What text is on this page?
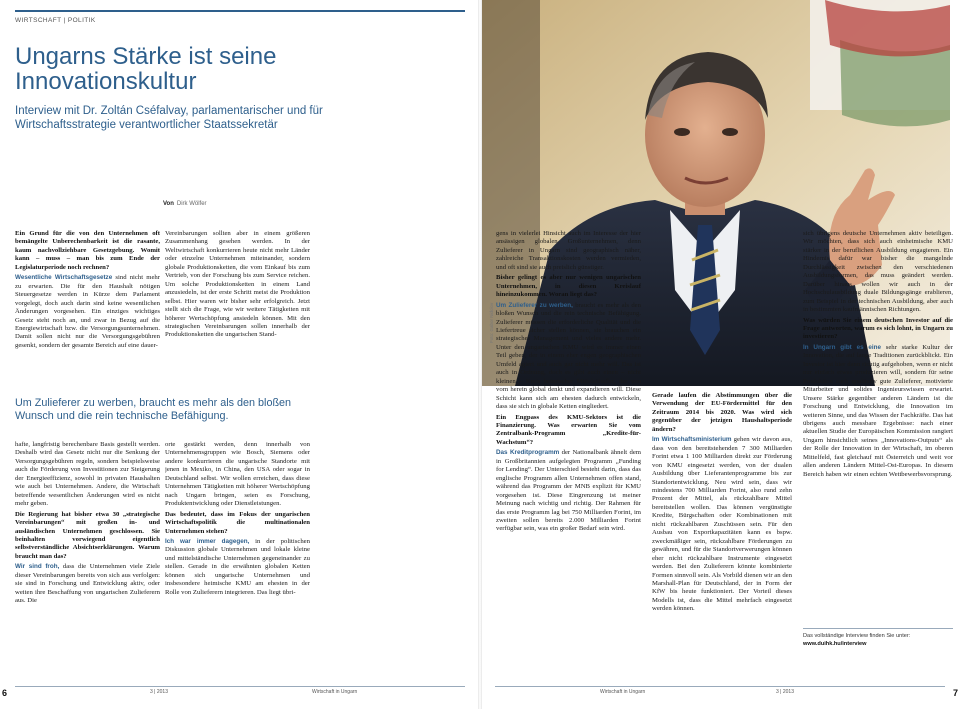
WIRTSCHAFT | POLITIK
Ungarns Stärke ist seine Innovationskultur
Interview mit Dr. Zoltán Cséfalvay, parlamentarischer und für Wirtschaftsstrategie verantwortlicher Staatssekretär
Von Dirk Wölfer

Ein Grund für die von den Unternehmen oft bemängelte Unberechenbarkeit ist die rasante, kaum nachvollziehbare Gesetzgebung. Womit kann – muss – man bis zum Ende der Legislaturperiode noch rechnen?

Wesentliche Wirtschaftsgesetze sind nicht mehr zu erwarten. Die für den Haushalt nötigen Steuergesetze werden in Kürze dem Parlament vorgelegt, doch auch darin sind keine wesentlichen Änderungen vorgesehen. Ein einziges wichtiges Gesetz steht noch an, und zwar in Bezug auf die Energiewirtschaft bzw. die Versorgungsunternehmen. Damit sollen nicht nur die Versorgungsgebühren gesenkt, sondern der gesamte Bereich auf eine dauer-

Vereinbarungen sollten aber in einem größeren Zusammenhang gesehen werden. In der Weltwirtschaft konkurrieren heute nicht mehr Länder oder einzelne Unternehmen miteinander, sondern globale Produktionsketten, die vom Einkauf bis zum Vertrieb, von der Forschung bis zum Service reichen. Um solche Produktionsketten in einem Land anzusiedeln, ist der erste Schritt meist die Produktion selbst. Hier waren wir bisher sehr erfolgreich. Jetzt stellt sich die Frage, wie wir weitere Tätigkeiten mit höherer Wertschöpfung ansiedeln können. Mit den strategischen Vereinbarungen sollen innerhalb der Produktionsketten die ungarischen Stand-

Um Zulieferer zu werben, braucht es mehr als den bloßen Wunsch und die rein technische Befähigung.

hafte, langfristig berechenbare Basis gestellt werden. Deshalb wird das Gesetz nicht nur die Senkung der Versorgungsgebühren regeln, sondern beispielsweise auch die Förderung von Investitionen zur Steigerung der Energieeffizienz, sowohl in privaten Haushalten wie auch bei Unternehmen. Andere, die Wirtschaft betreffende wesentlichen Änderungen wird es nicht mehr geben.

Die Regierung hat bisher etwa 30 „strategische Vereinbarungen“ mit großen in- und ausländischen Unternehmen geschlossen. Sie beinhalten vorwiegend eigentlich selbstverständliche Absichtserklärungen. Warum braucht man das?

Wir sind froh, dass die Unternehmen viele Ziele dieser Vereinbarungen bereits von sich aus verfolgen: sie sind in Forschung und Entwicklung aktiv, oder weiten ihre Beschaffung von ungarischen Zulieferern aus. Die

orte gestärkt werden, denn innerhalb von Unternehmensgruppen wie Bosch, Siemens oder andere konkurrieren die ungarische Standorte mit jenen in Mexiko, in China, den USA oder sogar in Deutschland selbst. Wir wollen erreichen, dass diese Unternehmen Tätigkeiten mit höherer Wertschöpfung nach Ungarn bringen, seien es Forschung, Produktentwicklung oder Dienstleistungen.

Das bedeutet, dass im Fokus der ungarischen Wirtschaftspolitik die multinationalen Unternehmen stehen?

Ich war immer dagegen, in der politischen Diskussion globale Unternehmen und lokale kleine und mittelständische Unternehmen gegeneinander zu stellen. Gerade in die erwähnten globalen Ketten können sich ungarische Unternehmen und insbesondere heimische KMU am ehesten in der Rolle von Zulieferern integrieren. Das liegt übri-

6	3 | 2013	Wirtschaft in Ungarn	Wirtschaft in Ungarn	3 | 2013	7
Foto: Gabor Nidolov

gens in vielerlei Hinsicht auch im Interesse der hier ansässigen globalen Großunternehmen, denn Zulieferer in Ungarn sind geographisch näher, zahlreiche Transaktionskosten werden vermieden, und oft sind sie auch preislich günstiger.

Bisher gelingt es aber nur wenigen ungarischen Unternehmen, in diesen Kreislauf hineinzukommen. Woran liegt das?

Um Zulieferer zu werben, braucht es mehr als den bloßen Wunsch und die rein technische Befähigung. Zulieferer müssen die erforderliche Qualität und die Liefertreue sicher stellen können, sie brauchen ein strategisches Management und vieles andere mehr. Unter den ungarischen KMU wird es immer einen Teil geben, der in einem eher engen geographischen Umfeld agiert und auch gar nicht mehr will. Das ist auch in Ordnung, doch es gibt auch einen – nicht kleinen – Kreis heimischer Mittelständler, der von vorn herein global denkt und expandieren will. Diese Schicht kann sich am ehesten dadurch entwickeln, dass sie sich in globale Ketten eingliedert.

Ein Engpass des KMU-Sektors ist die Finanzierung. Was erwarten Sie vom Zentralbank-Programm „Kredite-für-Wachstum“?

Das Kreditprogramm der Nationalbank ähnelt dem in Großbritannien aufgelegten Programm „Funding for Lending“. Der Unterschied besteht darin, dass das englische Programm allen Unternehmen offen stand, während das Programm der MNB explizit für KMU vorgesehen ist. Diese Eingrenzung ist meiner Meinung nach wichtig und richtig. Der Rahmen für das erste Programm lag bei 750 Milliarden Forint, im zweiten sollen bereits 2.000 Milliarden Forint verfügbar sein, was ein großer Bedarf sein wird.

Gerade laufen die Abstimmungen über die Verwendung der EU-Fördermittel für den Zeitraum 2014 bis 2020. Was wird sich gegenüber der jetzigen Haushaltsperiode ändern?

Im Wirtschaftsministerium gehen wir davon aus, dass von den bereitstehenden 7 300 Milliarden Forint etwa 1 100 Milliarden direkt zur Förderung von KMU eingesetzt werden, von der dualen Ausbildung über Lieferantenprogramme bis zur Standortentwicklung. Neu wird sein, dass wir mindestens 700 Milliarden Forint, also rund zehn Prozent der Mittel, als rückzahlbare Mittel bereitstellen wollen. Das können vergünstigte Kredite, Bürgschaften oder Kombinationen mit nicht rückzahlbaren Zuschüssen sein. Für den Ausbau von Exportkapazitäten kann es bspw. zweckmäßiger sein, rückzahlbare Förderungen zu gewähren, und für die Standortverwerungen können eher nicht rückzahlbare Instrumente eingesetzt werden. Bei den Zulieferern könnte kombinierte Formen sinnvoll sein. Als Vorbild dienen wir an den Marshall-Plan für Deutschland, der in Form der KfW bis heute funktioniert. Der Vorteil dieses Modells ist, dass die Mittel mehrfach eingesetzt werden können.

sich übrigens deutsche Unternehmen aktiv beteiligen. Wir möchten, dass sich auch einheimische KMU stärker in der beruflichen Ausbildung engagieren. Ein Hindernis dafür war bisher die mangelnde Durchlässigkeit zwischen den verschiedenen Ausbildungsformen, das muss geändert werden. Darüber hinaus wollen wir auch in der Hochschulausbildung duale Bildungsgänge erablieren, zum Beispiel in der technischen Ausbildung, aber auch in bestimmten kaufmännischen Richtungen.

Was würden Sie einem deutschen Investor auf die Frage antworten, warum es sich lohnt, in Ungarn zu investieren?

In Ungarn gibt es eine sehr starke Kultur der Innovation, die auf lange Traditionen zurückblickt. Ein Investor ist hier dann richtig aufgehoben, wenn er nicht nur einfach etwas produzieren will, sondern für seine Produktion auch qualitativ gute Zulieferer, motivierte Mitarbeiter und solides Ingenieurswissen erwartet. Unsere Stärke gegenüber anderen Ländern ist die Forschung und Entwicklung, die Innovation im weiteren Sinne, und das Wissen der Fachkräfte. Das hat übrigens auch messbare Ergebnisse: nach einer aktuellen Studie der Europäischen Kommission rangiert Ungarn hinsichtlich seines „Innovations-Outputs“ als der Rolle der Innovation in der Wirtschaft, im oberen Mittelfeld, fast gleichauf mit Österreich und weit vor allen anderen Ländern Mittel-Ost-Europas. In diesem Bereich haben wir einen echten Wettbewerbsvorsprung.

Das vollständige Interview finden Sie unter:
www.duihk.hu/interview
